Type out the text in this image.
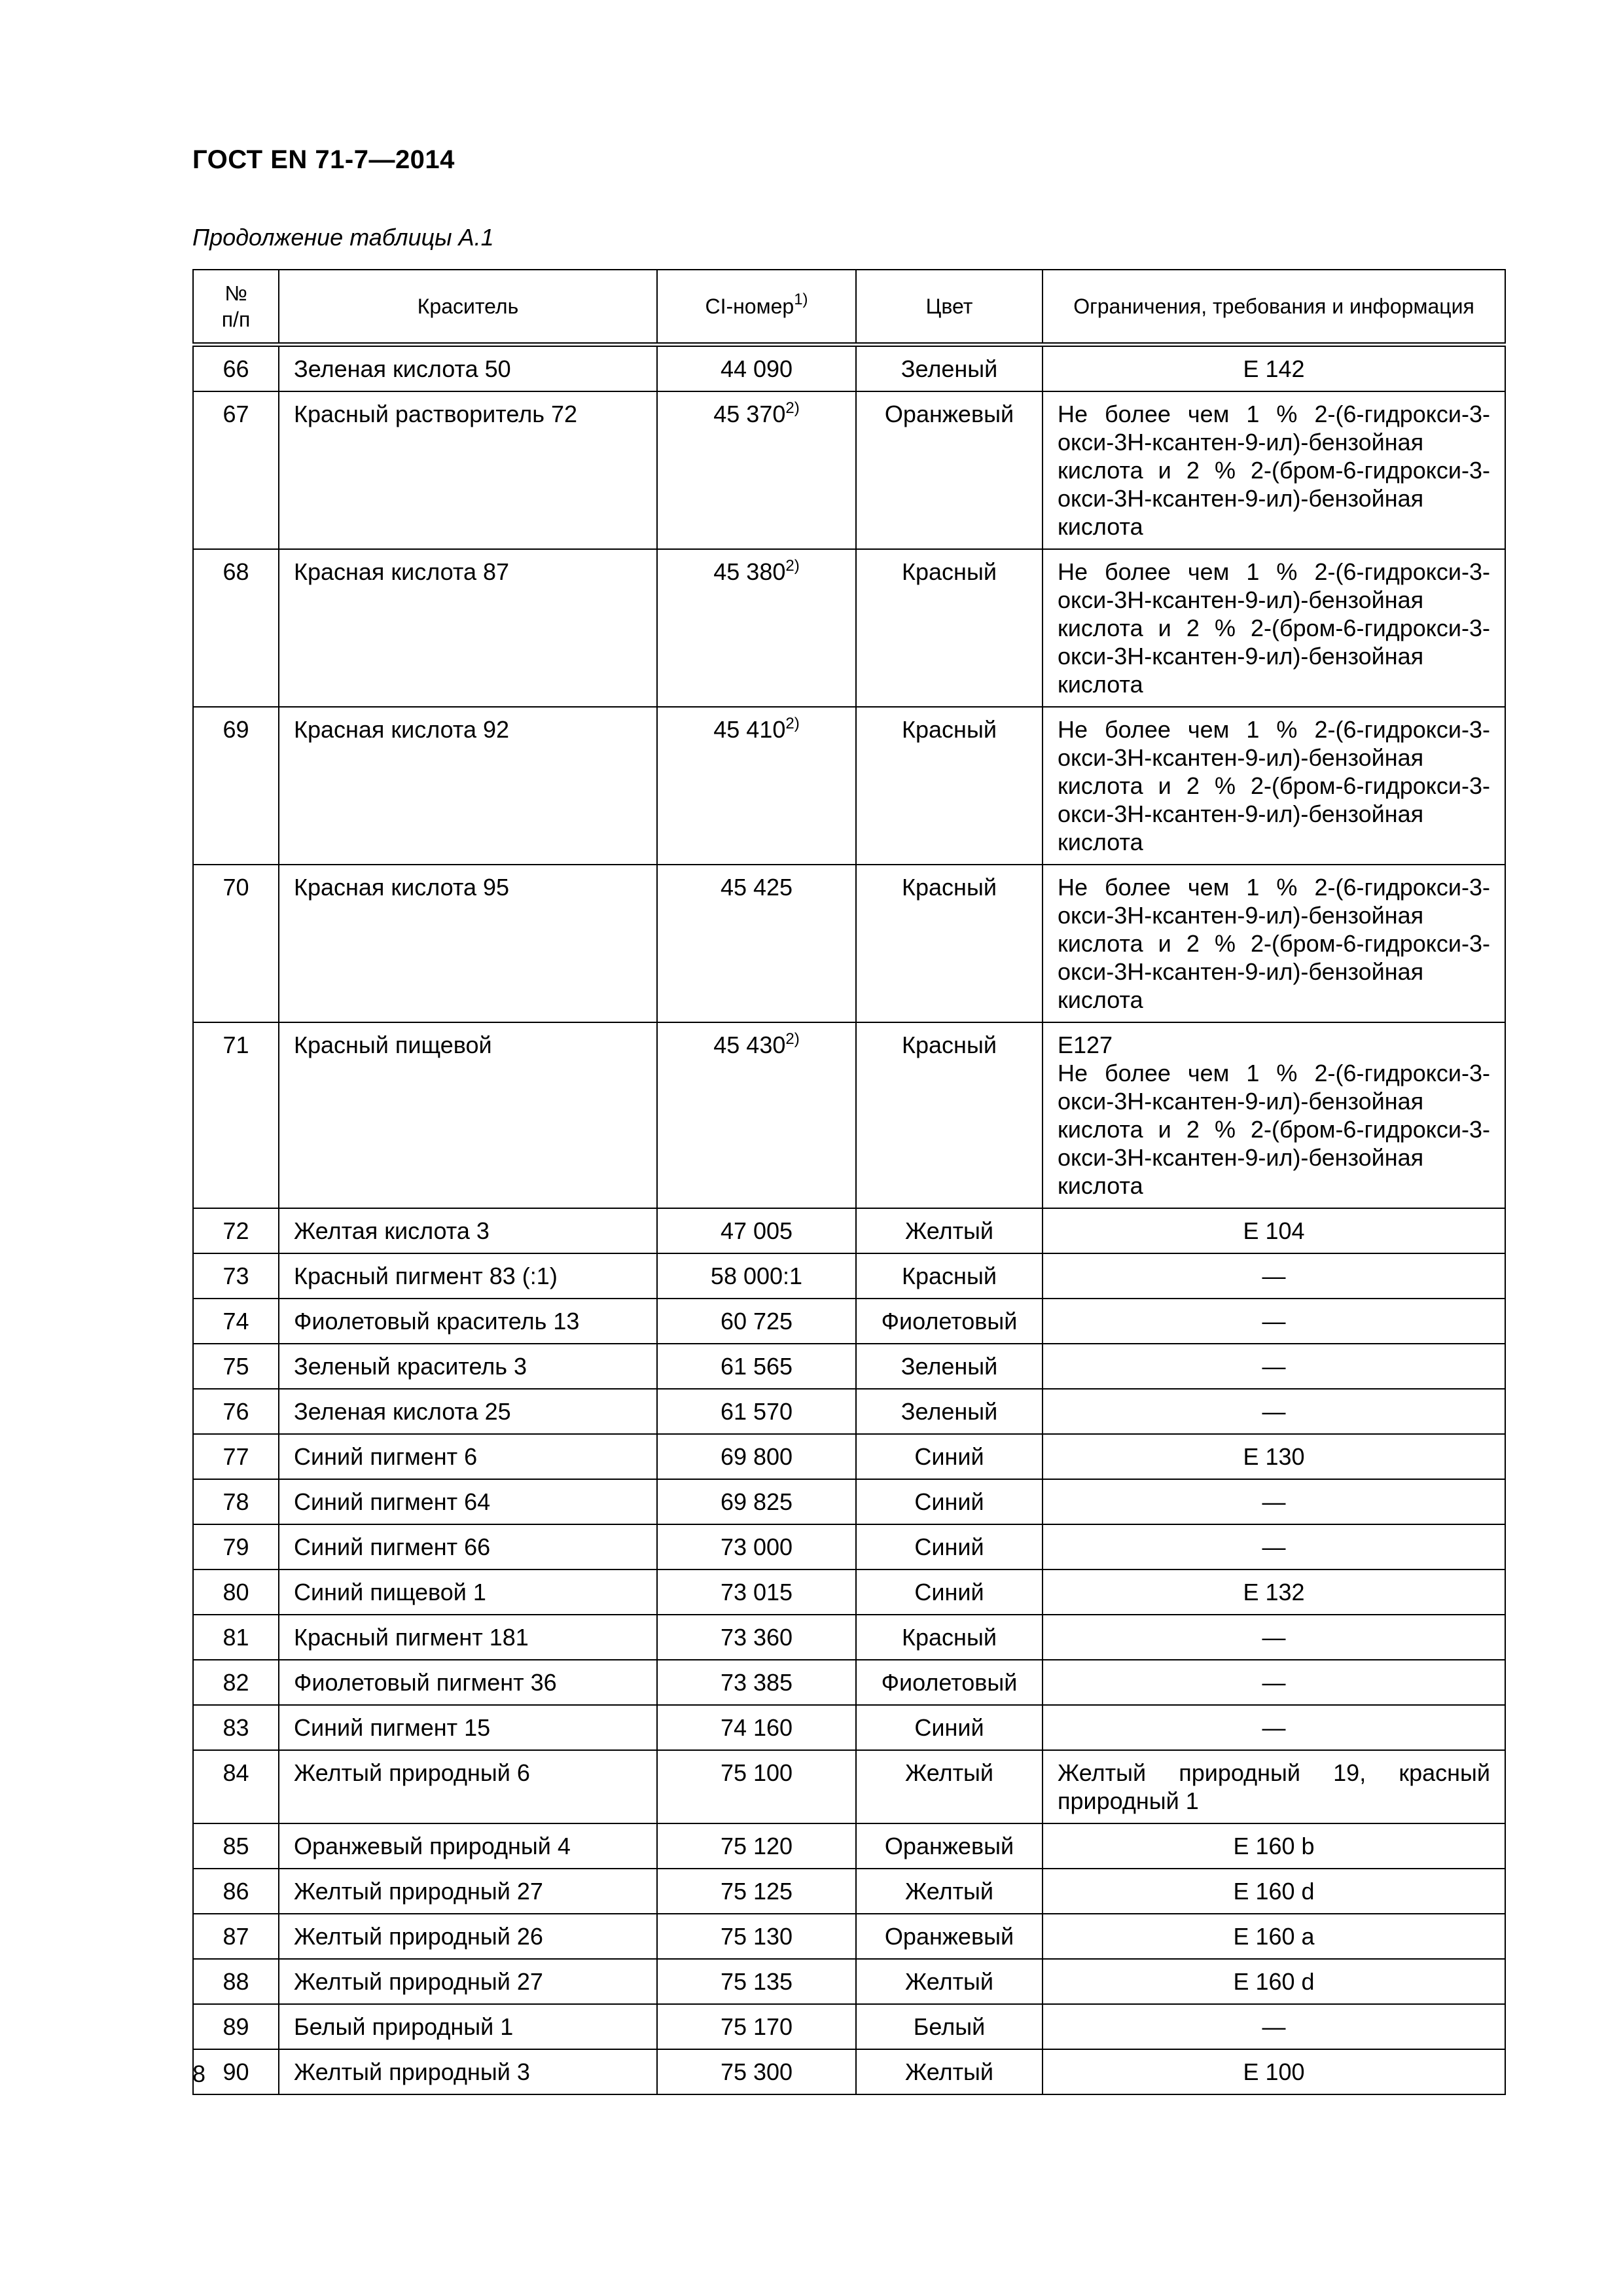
ГОСТ EN 71-7—2014
Продолжение таблицы А.1
№
п/п	Краситель	CI-номер$^{1)}$	Цвет	Ограничения, требования и информация
66	Зеленая кислота 50	44 090	Зеленый	E 142
67	Красный растворитель 72	45 370$^{2)}$	Оранжевый	Не более чем 1 % 2-(6-гидрокси-3-окси-3Н-ксантен-9-ил)-бензойная кислота и 2 % 2-(бром-6-гидрокси-3-окси-3Н-ксантен-9-ил)-бензойная кислота
68	Красная кислота 87	45 380$^{2)}$	Красный	Не более чем 1 % 2-(6-гидрокси-3-окси-3Н-ксантен-9-ил)-бензойная кислота и 2 % 2-(бром-6-гидрокси-3-окси-3Н-ксантен-9-ил)-бензойная кислота
69	Красная кислота 92	45 410$^{2)}$	Красный	Не более чем 1 % 2-(6-гидрокси-3-окси-3Н-ксантен-9-ил)-бензойная кислота и 2 % 2-(бром-6-гидрокси-3-окси-3Н-ксантен-9-ил)-бензойная кислота
70	Красная кислота 95	45 425	Красный	Не более чем 1 % 2-(6-гидрокси-3-окси-3Н-ксантен-9-ил)-бензойная кислота и 2 % 2-(бром-6-гидрокси-3-окси-3Н-ксантен-9-ил)-бензойная кислота
71	Красный пищевой	45 430$^{2)}$	Красный	E127
Не более чем 1 % 2-(6-гидрокси-3-окси-3Н-ксантен-9-ил)-бензойная кислота и 2 % 2-(бром-6-гидрокси-3-окси-3Н-ксантен-9-ил)-бензойная кислота
72	Желтая кислота 3	47 005	Желтый	E 104
73	Красный пигмент 83 (:1)	58 000:1	Красный	—
74	Фиолетовый краситель 13	60 725	Фиолетовый	—
75	Зеленый краситель 3	61 565	Зеленый	—
76	Зеленая кислота 25	61 570	Зеленый	—
77	Синий пигмент 6	69 800	Синий	E 130
78	Синий пигмент 64	69 825	Синий	—
79	Синий пигмент 66	73 000	Синий	—
80	Синий пищевой 1	73 015	Синий	E 132
81	Красный пигмент 181	73 360	Красный	—
82	Фиолетовый пигмент 36	73 385	Фиолетовый	—
83	Синий пигмент 15	74 160	Синий	—
84	Желтый природный 6	75 100	Желтый	Желтый природный 19, красный природный 1
85	Оранжевый природный 4	75 120	Оранжевый	E 160 b
86	Желтый природный 27	75 125	Желтый	E 160 d
87	Желтый природный 26	75 130	Оранжевый	E 160 a
88	Желтый природный 27	75 135	Желтый	E 160 d
89	Белый природный 1	75 170	Белый	—
90	Желтый природный 3	75 300	Желтый	E 100
8
